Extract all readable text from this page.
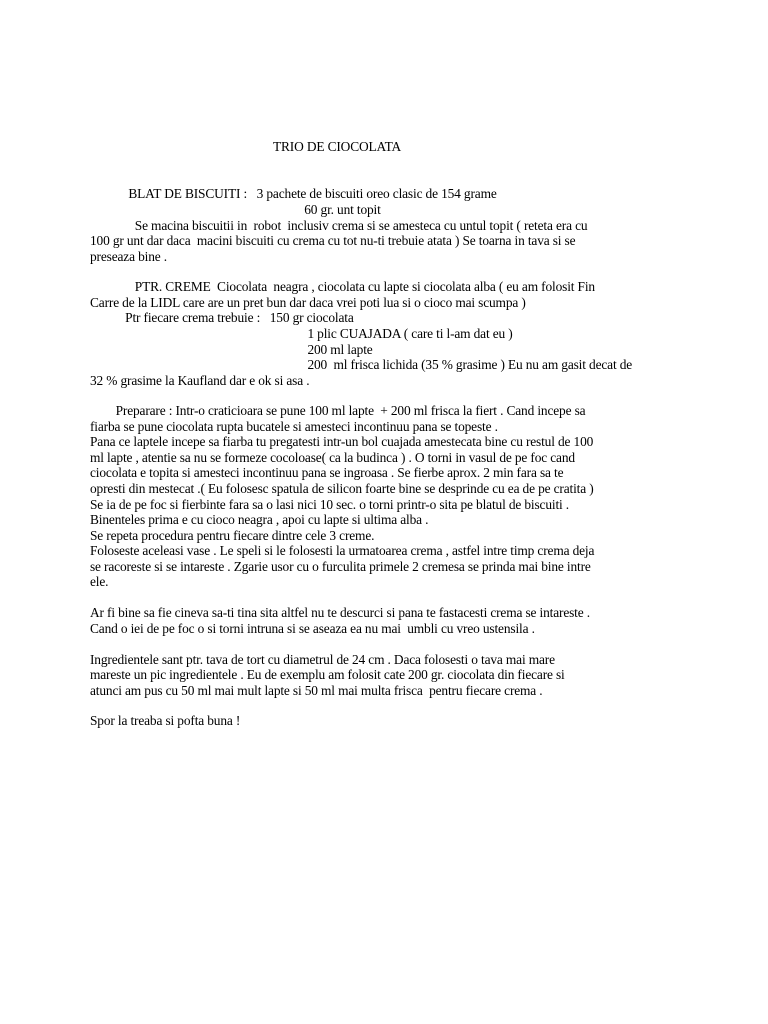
TRIO DE CIOCOLATA
BLAT DE BISCUITI :   3 pachete de biscuiti oreo clasic de 154 grame
60 gr. unt topit
Se macina biscuitii in  robot  inclusiv crema si se amesteca cu untul topit ( reteta era cu
100 gr unt dar daca  macini biscuiti cu crema cu tot nu-ti trebuie atata ) Se toarna in tava si se
preseaza bine .
PTR. CREME  Ciocolata  neagra , ciocolata cu lapte si ciocolata alba ( eu am folosit Fin
Carre de la LIDL care are un pret bun dar daca vrei poti lua si o cioco mai scumpa )
Ptr fiecare crema trebuie :   150 gr ciocolata
1 plic CUAJADA ( care ti l-am dat eu )
200 ml lapte
200  ml frisca lichida (35 % grasime ) Eu nu am gasit decat de
32 % grasime la Kaufland dar e ok si asa .
Preparare : Intr-o craticioara se pune 100 ml lapte  + 200 ml frisca la fiert . Cand incepe sa
fiarba se pune ciocolata rupta bucatele si amesteci incontinuu pana se topeste .
Pana ce laptele incepe sa fiarba tu pregatesti intr-un bol cuajada amestecata bine cu restul de 100
ml lapte , atentie sa nu se formeze cocoloase( ca la budinca ) . O torni in vasul de pe foc cand
ciocolata e topita si amesteci incontinuu pana se ingroasa . Se fierbe aprox. 2 min fara sa te
opresti din mestecat .( Eu folosesc spatula de silicon foarte bine se desprinde cu ea de pe cratita )
Se ia de pe foc si fierbinte fara sa o lasi nici 10 sec. o torni printr-o sita pe blatul de biscuiti .
Binenteles prima e cu cioco neagra , apoi cu lapte si ultima alba .
Se repeta procedura pentru fiecare dintre cele 3 creme.
Foloseste aceleasi vase . Le speli si le folosesti la urmatoarea crema , astfel intre timp crema deja
se racoreste si se intareste . Zgarie usor cu o furculita primele 2 cremesa se prinda mai bine intre
ele.
Ar fi bine sa fie cineva sa-ti tina sita altfel nu te descurci si pana te fastacesti crema se intareste .
Cand o iei de pe foc o si torni intruna si se aseaza ea nu mai  umbli cu vreo ustensila .
Ingredientele sant ptr. tava de tort cu diametrul de 24 cm . Daca folosesti o tava mai mare
mareste un pic ingredientele . Eu de exemplu am folosit cate 200 gr. ciocolata din fiecare si
atunci am pus cu 50 ml mai mult lapte si 50 ml mai multa frisca  pentru fiecare crema .
Spor la treaba si pofta buna !
